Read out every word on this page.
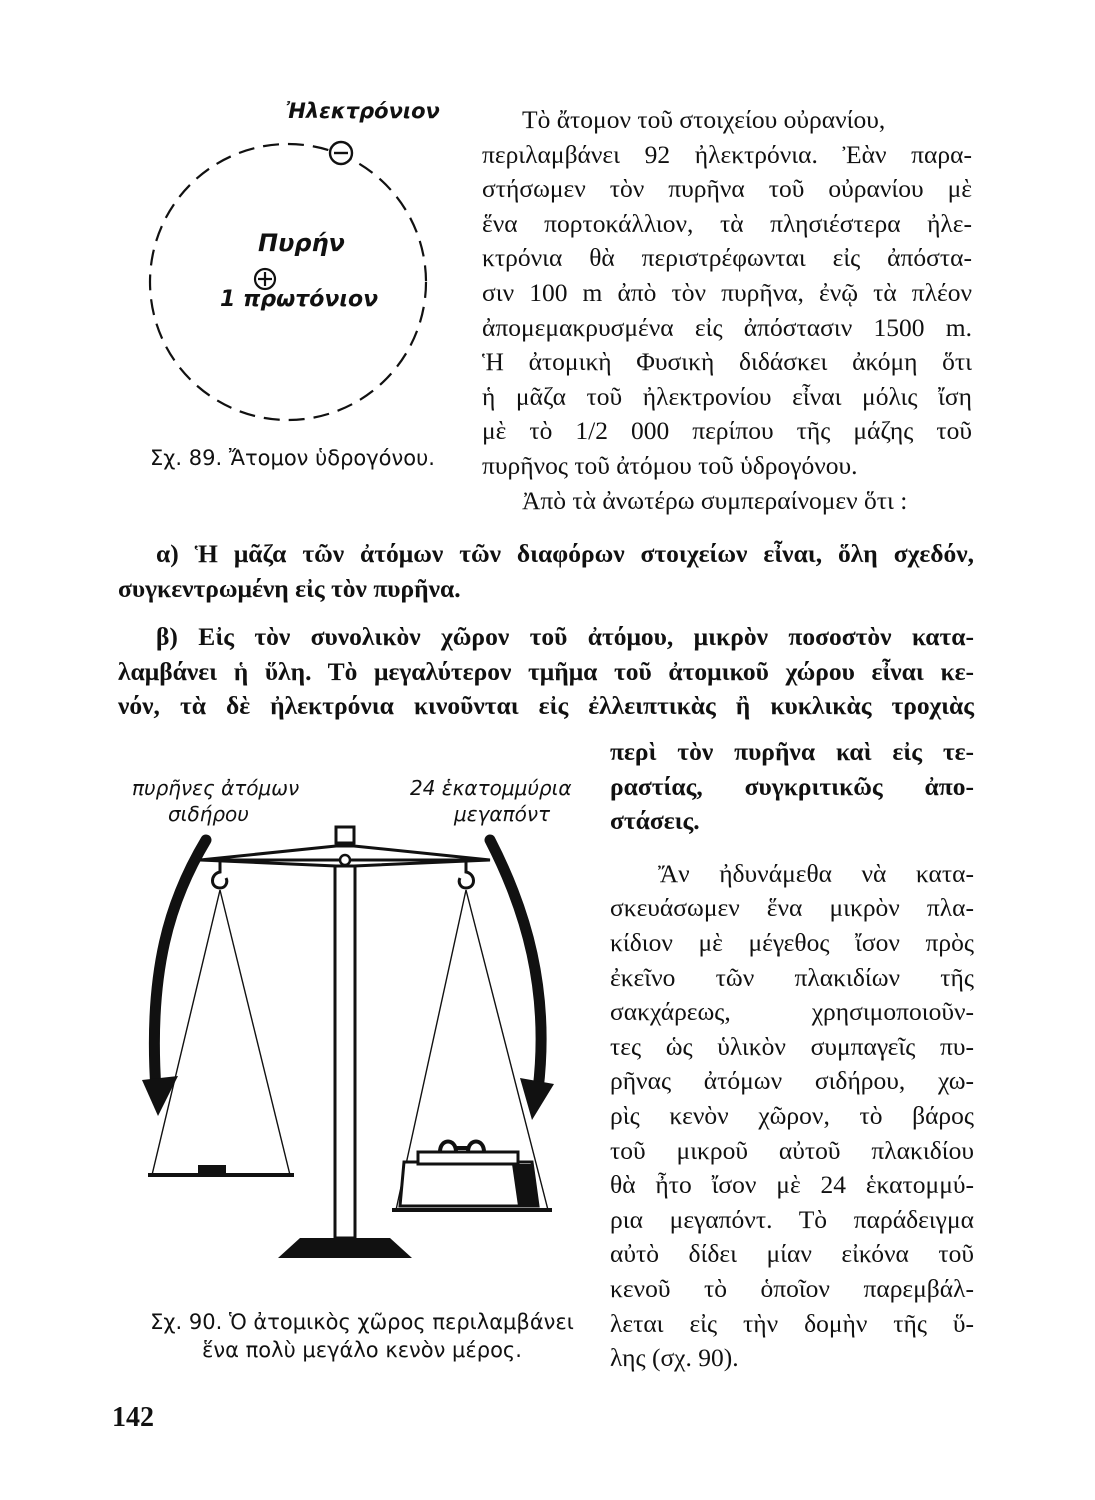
Ἠλεκτρόνιον
Πυρήν
1 πρωτόνιον
Σχ. 89. Ἄτομον ὑδρογόνου.
Τὸ ἄτομον τοῦ στοιχείου οὐρανίου,
περιλαμβάνει 92 ἠλεκτρόνια. Ἐὰν παρα-
στήσωμεν τὸν πυρῆνα τοῦ οὐρανίου μὲ
ἕνα πορτοκάλλιον, τὰ πλησιέστερα ἠλε-
κτρόνια θὰ περιστρέφωνται εἰς ἀπόστα-
σιν 100 m ἀπὸ τὸν πυρῆνα, ἐνῷ τὰ πλέον
ἀπομεμακρυσμένα εἰς ἀπόστασιν 1500 m.
Ἡ ἀτομικὴ Φυσικὴ διδάσκει ἀκόμη ὅτι
ἡ μᾶζα τοῦ ἠλεκτρονίου εἶναι μόλις ἴση
μὲ τὸ 1/2 000 περίπου τῆς μάζης τοῦ
πυρῆνος τοῦ ἀτόμου τοῦ ὑδρογόνου.
Ἀπὸ τὰ ἀνωτέρω συμπεραίνομεν ὅτι :
α) Ἡ μᾶζα τῶν ἀτόμων τῶν διαφόρων στοιχείων εἶναι, ὅλη σχεδόν,
συγκεντρωμένη εἰς τὸν πυρῆνα.
β) Εἰς τὸν συνολικὸν χῶρον τοῦ ἀτόμου, μικρὸν ποσοστὸν κατα-
λαμβάνει ἡ ὕλη. Τὸ μεγαλύτερον τμῆμα τοῦ ἀτομικοῦ χώρου εἶναι κε-
νόν, τὰ δὲ ἠλεκτρόνια κινοῦνται εἰς ἐλλειπτικὰς ἢ κυκλικὰς τροχιὰς
περὶ τὸν πυρῆνα καὶ εἰς τε-
ραστίας, συγκριτικῶς ἀπο-
στάσεις.
Ἄν ἠδυνάμεθα νὰ κατα-
σκευάσωμεν ἕνα μικρὸν πλα-
κίδιον μὲ μέγεθος ἴσον πρὸς
ἐκεῖνο τῶν πλακιδίων τῆς
σακχάρεως, χρησιμοποιοῦν-
τες ὡς ὑλικὸν συμπαγεῖς πυ-
ρῆνας ἀτόμων σιδήρου, χω-
ρὶς κενὸν χῶρον, τὸ βάρος
τοῦ μικροῦ αὐτοῦ πλακιδίου
θὰ ἦτο ἴσον μὲ 24 ἑκατομμύ-
ρια μεγαπόντ. Τὸ παράδειγμα
αὐτὸ δίδει μίαν εἰκόνα τοῦ
κενοῦ τὸ ὁποῖον παρεμβάλ-
λεται εἰς τὴν δομὴν τῆς ὕ-
λης (σχ. 90).
πυρῆνες ἀτόμων
σιδήρου
24 ἑκατομμύρια
μεγαπόντ
Σχ. 90. Ὁ ἀτομικὸς χῶρος περιλαμβάνει
ἕνα πολὺ μεγάλο κενὸν μέρος.
142
